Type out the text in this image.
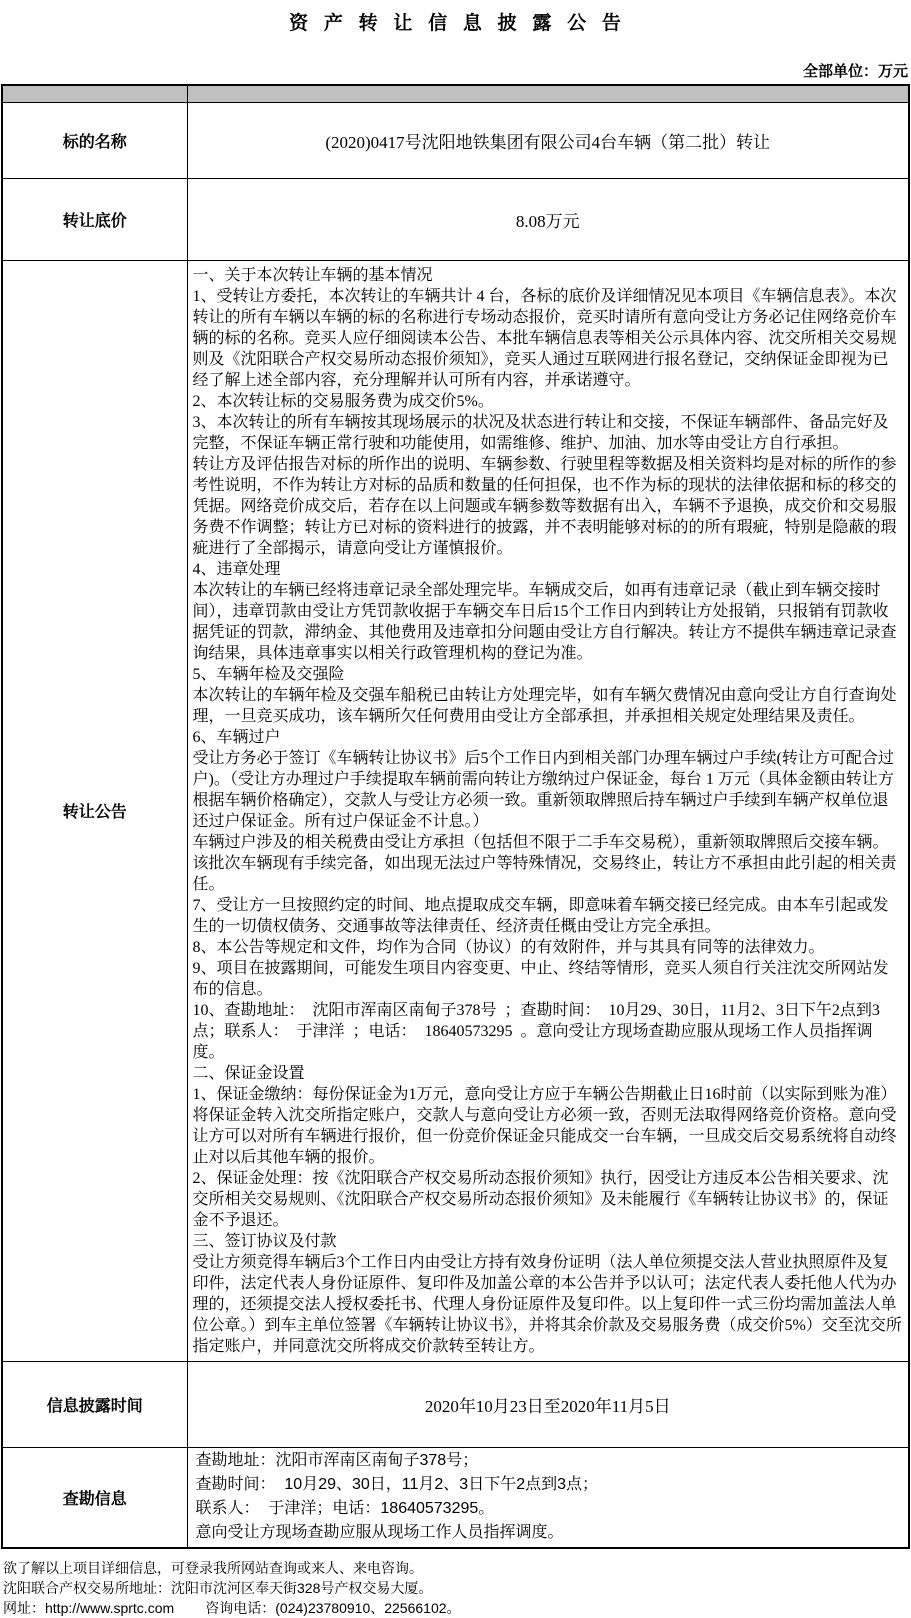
资 产 转 让 信 息 披 露 公 告
全部单位：万元

标的名称	(2020)0417号沈阳地铁集团有限公司4台车辆（第二批）转让
转让底价	8.08万元
转让公告	
一、关于本次转让车辆的基本情况
1、受转让方委托，本次转让的车辆共计 4 台，各标的底价及详细情况见本项目《车辆信息表》。本次转让的所有车辆以车辆的标的名称进行专场动态报价，竞买时请所有意向受让方务必记住网络竞价车辆的标的名称。竞买人应仔细阅读本公告、本批车辆信息表等相关公示具体内容、沈交所相关交易规则及《沈阳联合产权交易所动态报价须知》，竞买人通过互联网进行报名登记，交纳保证金即视为已经了解上述全部内容，充分理解并认可所有内容，并承诺遵守。
2、本次转让标的交易服务费为成交价5%。
3、本次转让的所有车辆按其现场展示的状况及状态进行转让和交接，不保证车辆部件、备品完好及完整，不保证车辆正常行驶和功能使用，如需维修、维护、加油、加水等由受让方自行承担。
转让方及评估报告对标的所作出的说明、车辆参数、行驶里程等数据及相关资料均是对标的所作的参考性说明，不作为转让方对标的品质和数量的任何担保，也不作为标的现状的法律依据和标的移交的凭据。网络竞价成交后，若存在以上问题或车辆参数等数据有出入，车辆不予退换，成交价和交易服务费不作调整；转让方已对标的资料进行的披露，并不表明能够对标的的所有瑕疵，特别是隐蔽的瑕疵进行了全部揭示，请意向受让方谨慎报价。
4、违章处理
本次转让的车辆已经将违章记录全部处理完毕。车辆成交后，如再有违章记录（截止到车辆交接时间），违章罚款由受让方凭罚款收据于车辆交车日后15个工作日内到转让方处报销，只报销有罚款收据凭证的罚款，滞纳金、其他费用及违章扣分问题由受让方自行解决。转让方不提供车辆违章记录查询结果，具体违章事实以相关行政管理机构的登记为准。
5、车辆年检及交强险
本次转让的车辆年检及交强车船税已由转让方处理完毕，如有车辆欠费情况由意向受让方自行查询处理，一旦竞买成功，该车辆所欠任何费用由受让方全部承担，并承担相关规定处理结果及责任。
6、车辆过户
受让方务必于签订《车辆转让协议书》后5个工作日内到相关部门办理车辆过户手续(转让方可配合过户)。（受让方办理过户手续提取车辆前需向转让方缴纳过户保证金，每台 1 万元（具体金额由转让方根据车辆价格确定），交款人与受让方必须一致。重新领取牌照后持车辆过户手续到车辆产权单位退还过户保证金。所有过户保证金不计息。）
车辆过户涉及的相关税费由受让方承担（包括但不限于二手车交易税），重新领取牌照后交接车辆。该批次车辆现有手续完备，如出现无法过户等特殊情况，交易终止，转让方不承担由此引起的相关责任。
7、受让方一旦按照约定的时间、地点提取成交车辆，即意味着车辆交接已经完成。由本车引起或发生的一切债权债务、交通事故等法律责任、经济责任概由受让方完全承担。
8、本公告等规定和文件，均作为合同（协议）的有效附件，并与其具有同等的法律效力。
9、项目在披露期间，可能发生项目内容变更、中止、终结等情形，竞买人须自行关注沈交所网站发布的信息。
10、查勘地址：  沈阳市浑南区南甸子378号  ；查勘时间：  10月29、30日，11月2、3日下午2点到3点；联系人：  于津洋  ；电话：  18640573295  。意向受让方现场查勘应服从现场工作人员指挥调度。
二、保证金设置
1、保证金缴纳：每份保证金为1万元，意向受让方应于车辆公告期截止日16时前（以实际到账为准）将保证金转入沈交所指定账户，交款人与意向受让方必须一致，否则无法取得网络竞价资格。意向受让方可以对所有车辆进行报价，但一份竞价保证金只能成交一台车辆，一旦成交后交易系统将自动终止对以后其他车辆的报价。
2、保证金处理：按《沈阳联合产权交易所动态报价须知》执行，因受让方违反本公告相关要求、沈交所相关交易规则、《沈阳联合产权交易所动态报价须知》及未能履行《车辆转让协议书》的，保证金不予退还。
三、签订协议及付款
受让方须竞得车辆后3个工作日内由受让方持有效身份证明（法人单位须提交法人营业执照原件及复印件，法定代表人身份证原件、复印件及加盖公章的本公告并予以认可；法定代表人委托他人代为办理的，还须提交法人授权委托书、代理人身份证原件及复印件。以上复印件一式三份均需加盖法人单位公章。）到车主单位签署《车辆转让协议书》，并将其余价款及交易服务费（成交价5%）交至沈交所指定账户，并同意沈交所将成交价款转至转让方。

信息披露时间	2020年10月23日至2020年11月5日
查勘信息	查勘地址：沈阳市浑南区南甸子378号；
查勘时间：  10月29、30日，11月2、3日下午2点到3点；
联系人：  于津洋；电话：18640573295。
意向受让方现场查勘应服从现场工作人员指挥调度。
欲了解以上项目详细信息，可登录我所网站查询或来人、来电咨询。
沈阳联合产权交易所地址：沈阳市沈河区奉天街328号产权交易大厦。
网址：http://www.sprtc.com        咨询电话：(024)23780910、22566102。
